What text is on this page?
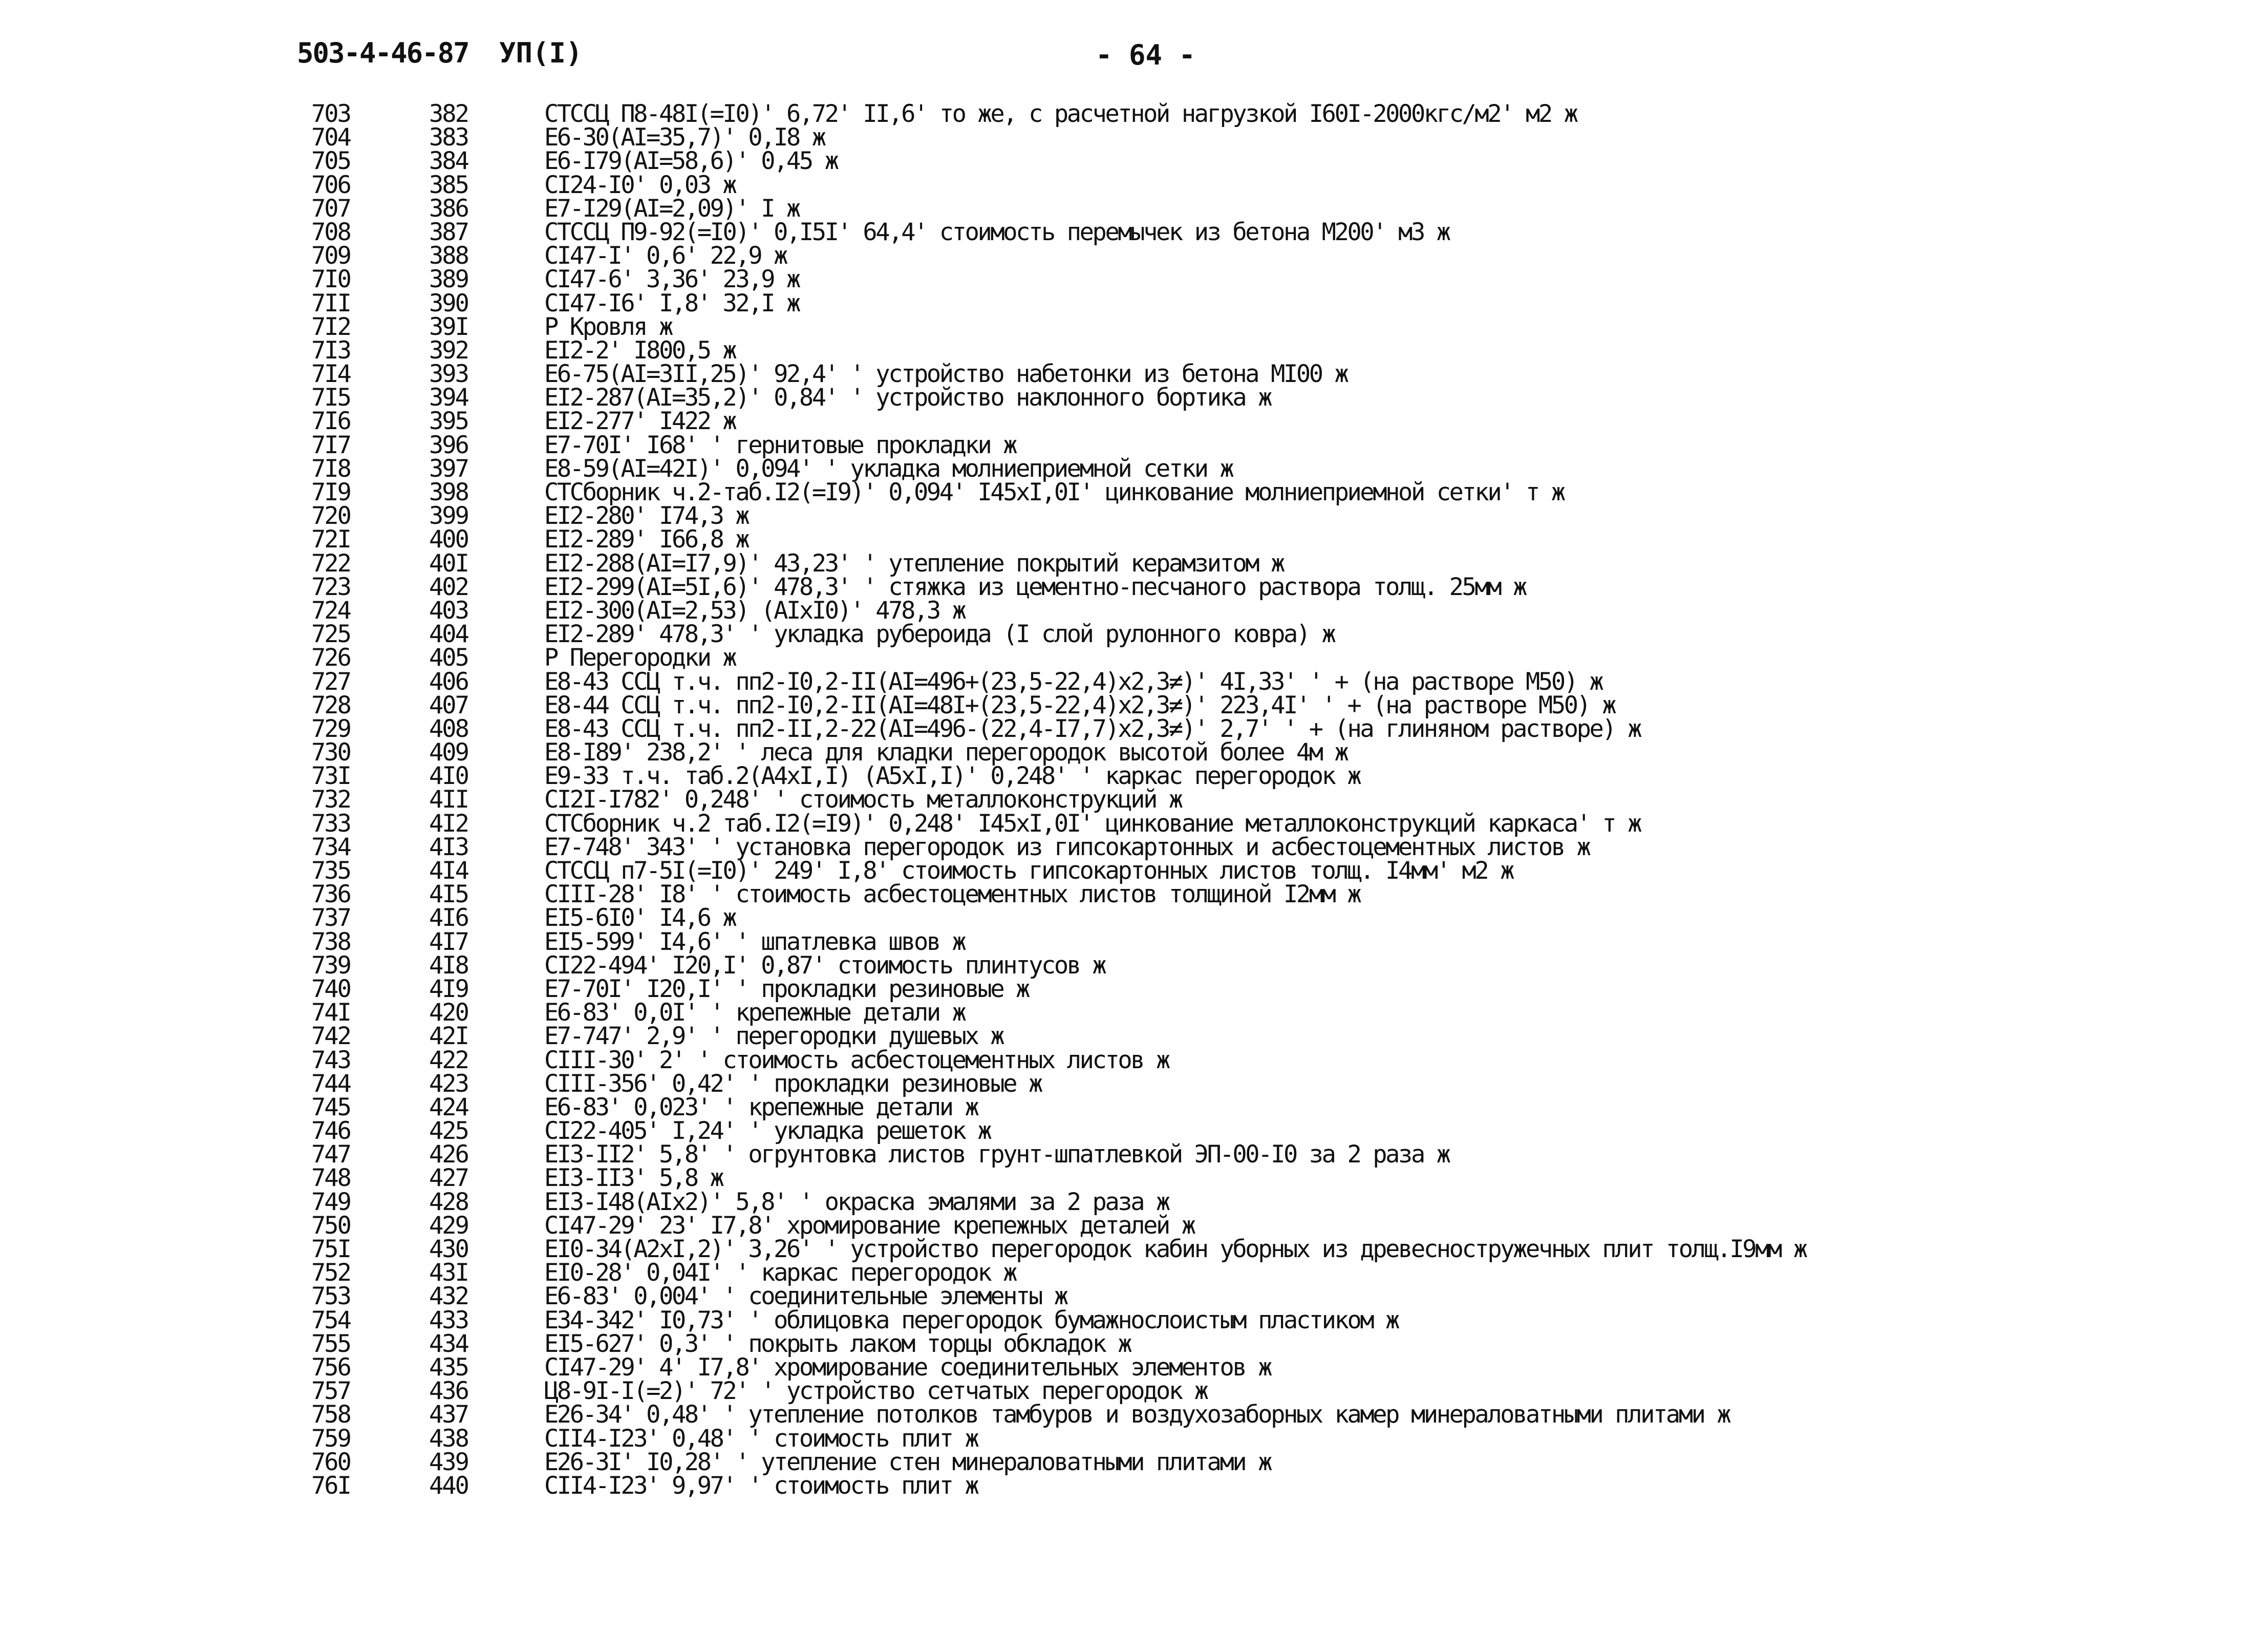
503-4-46-87 УП(I)	- 64 -
703	382	СТССЦ П8-48I(=I0)' 6,72' II,6' то же, с расчетной нагрузкой I60I-2000кгс/м2' м2 ж
704	383	Е6-30(АI=35,7)' 0,I8 ж
705	384	Е6-I79(АI=58,6)' 0,45 ж
706	385	СI24-I0' 0,03 ж
707	386	Е7-I29(АI=2,09)' I ж
708	387	СТССЦ П9-92(=I0)' 0,I5I' 64,4' стоимость перемычек из бетона М200' м3 ж
709	388	СI47-I' 0,6' 22,9 ж
7I0	389	СI47-6' 3,36' 23,9 ж
7II	390	СI47-I6' I,8' 32,I ж
7I2	39I	Р Кровля ж
7I3	392	ЕI2-2' I800,5 ж
7I4	393	Е6-75(АI=3II,25)' 92,4' ' устройство набетонки из бетона МI00 ж
7I5	394	ЕI2-287(АI=35,2)' 0,84' ' устройство наклонного бортика ж
7I6	395	ЕI2-277' I422 ж
7I7	396	Е7-70I' I68' ' гернитовые прокладки ж
7I8	397	Е8-59(АI=42I)' 0,094' ' укладка молниеприемной сетки ж
7I9	398	СТСборник ч.2-таб.I2(=I9)' 0,094' I45хI,0I' цинкование молниеприемной сетки' т ж
720	399	ЕI2-280' I74,3 ж
72I	400	ЕI2-289' I66,8 ж
722	40I	ЕI2-288(АI=I7,9)' 43,23' ' утепление покрытий керамзитом ж
723	402	ЕI2-299(АI=5I,6)' 478,3' ' стяжка из цементно-песчаного раствора толщ. 25мм ж
724	403	ЕI2-300(АI=2,53) (АIхI0)' 478,3 ж
725	404	ЕI2-289' 478,3' ' укладка рубероида (I слой рулонного ковра) ж
726	405	Р Перегородки ж
727	406	Е8-43 ССЦ т.ч. пп2-I0,2-II(АI=496+(23,5-22,4)х2,3≠)' 4I,33' ' + (на растворе М50) ж
728	407	Е8-44 ССЦ т.ч. пп2-I0,2-II(АI=48I+(23,5-22,4)х2,3≠)' 223,4I' ' + (на растворе М50) ж
729	408	Е8-43 ССЦ т.ч. пп2-II,2-22(АI=496-(22,4-I7,7)х2,3≠)' 2,7' ' + (на глиняном растворе) ж
730	409	Е8-I89' 238,2' ' леса для кладки перегородок высотой более 4м ж
73I	4I0	Е9-33 т.ч. таб.2(А4хI,I) (А5хI,I)' 0,248' ' каркас перегородок ж
732	4II	СI2I-I782' 0,248' ' стоимость металлоконструкций ж
733	4I2	СТСборник ч.2 таб.I2(=I9)' 0,248' I45хI,0I' цинкование металлоконструкций каркаса' т ж
734	4I3	Е7-748' 343' ' установка перегородок из гипсокартонных и асбестоцементных листов ж
735	4I4	СТССЦ п7-5I(=I0)' 249' I,8' стоимость гипсокартонных листов толщ. I4мм' м2 ж
736	4I5	СIII-28' I8' ' стоимость асбестоцементных листов толщиной I2мм ж
737	4I6	ЕI5-6I0' I4,6 ж
738	4I7	ЕI5-599' I4,6' ' шпатлевка швов ж
739	4I8	СI22-494' I20,I' 0,87' стоимость плинтусов ж
740	4I9	Е7-70I' I20,I' ' прокладки резиновые ж
74I	420	Е6-83' 0,0I' ' крепежные детали ж
742	42I	Е7-747' 2,9' ' перегородки душевых ж
743	422	СIII-30' 2' ' стоимость асбестоцементных листов ж
744	423	СIII-356' 0,42' ' прокладки резиновые ж
745	424	Е6-83' 0,023' ' крепежные детали ж
746	425	СI22-405' I,24' ' укладка решеток ж
747	426	ЕI3-II2' 5,8' ' огрунтовка листов грунт-шпатлевкой ЭП-00-I0 за 2 раза ж
748	427	ЕI3-II3' 5,8 ж
749	428	ЕI3-I48(АIх2)' 5,8' ' окраска эмалями за 2 раза ж
750	429	СI47-29' 23' I7,8' хромирование крепежных деталей ж
75I	430	ЕI0-34(А2хI,2)' 3,26' ' устройство перегородок кабин уборных из древесностружечных плит толщ.I9мм ж
752	43I	ЕI0-28' 0,04I' ' каркас перегородок ж
753	432	Е6-83' 0,004' ' соединительные элементы ж
754	433	Е34-342' I0,73' ' облицовка перегородок бумажнослоистым пластиком ж
755	434	ЕI5-627' 0,3' ' покрыть лаком торцы обкладок ж
756	435	СI47-29' 4' I7,8' хромирование соединительных элементов ж
757	436	Ц8-9I-I(=2)' 72' ' устройство сетчатых перегородок ж
758	437	Е26-34' 0,48' ' утепление потолков тамбуров и воздухозаборных камер минераловатными плитами ж
759	438	СII4-I23' 0,48' ' стоимость плит ж
760	439	Е26-3I' I0,28' ' утепление стен минераловатными плитами ж
76I	440	СII4-I23' 9,97' ' стоимость плит ж
